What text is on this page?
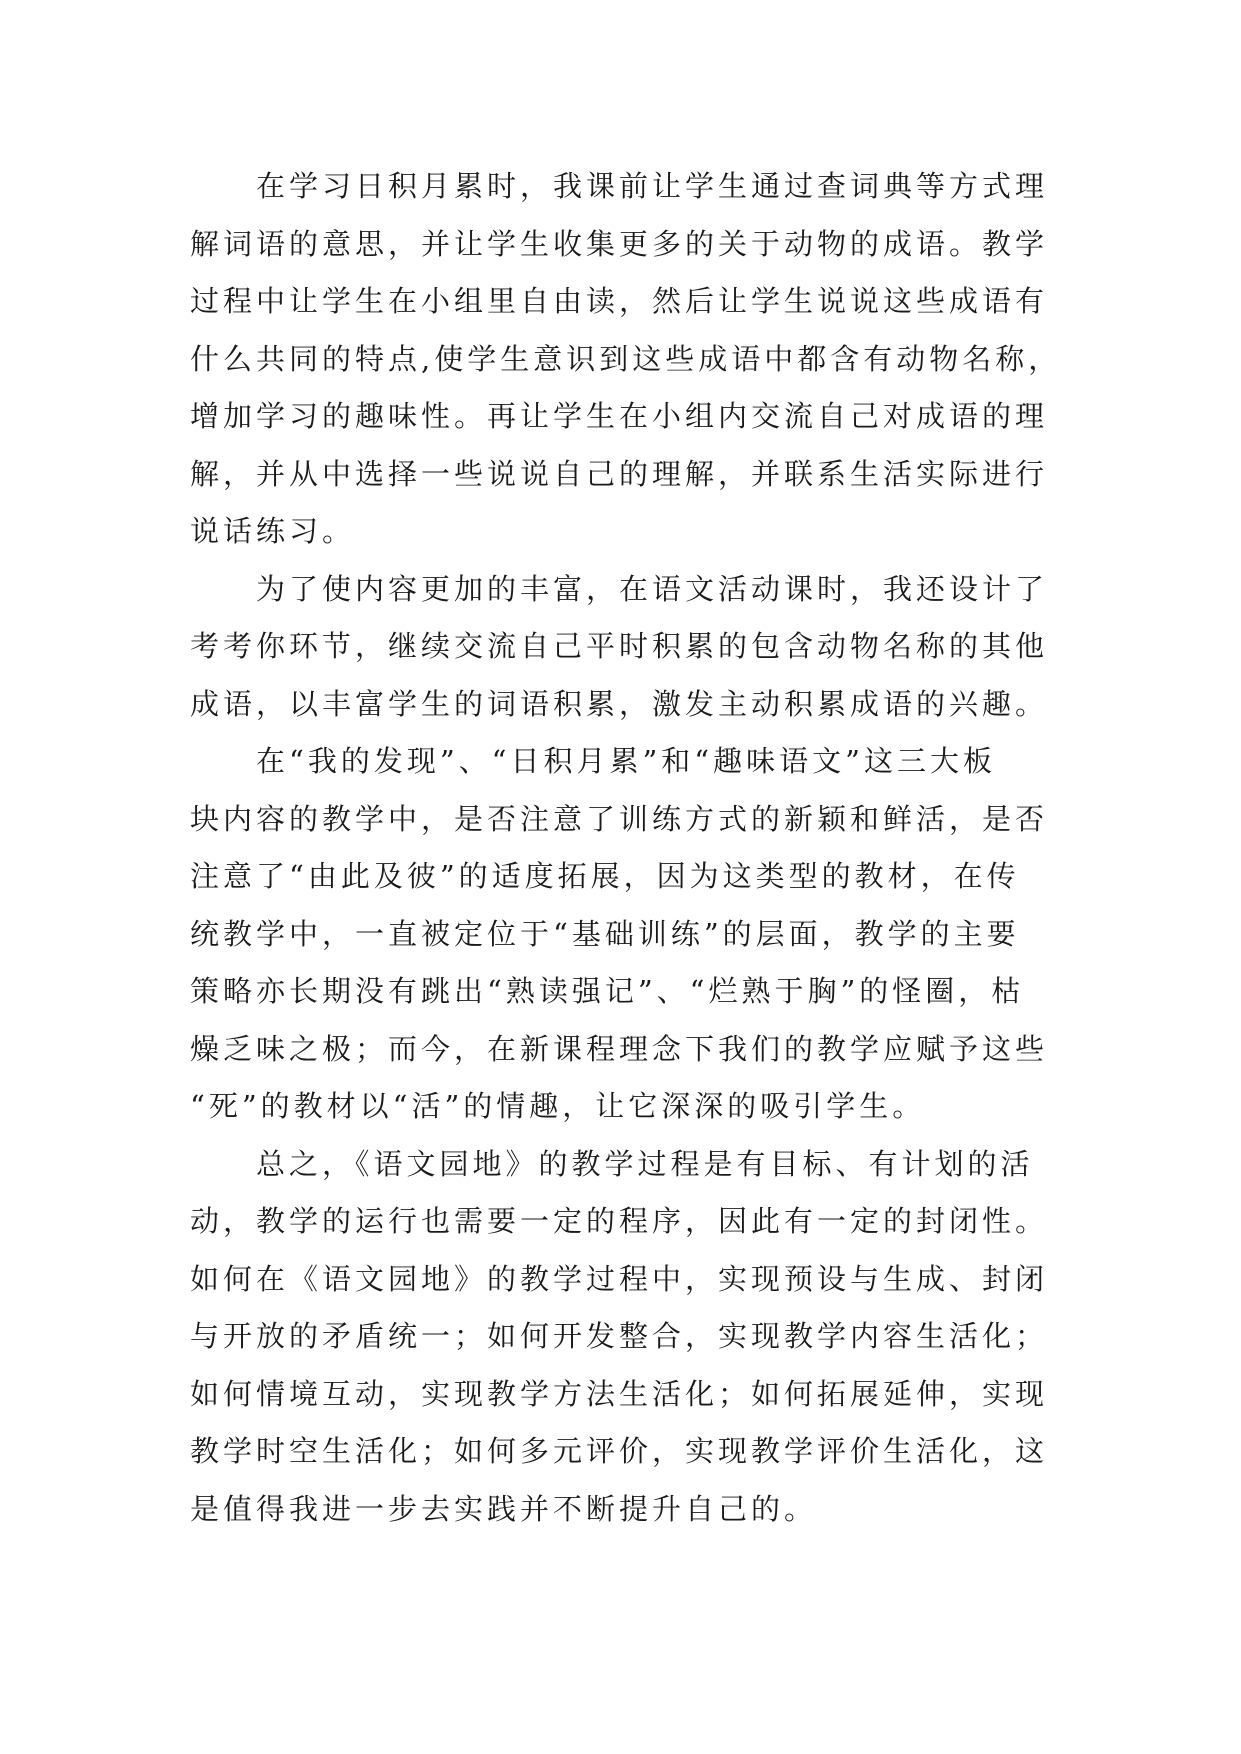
在学习日积月累时，我课前让学生通过查词典等方式理
解词语的意思，并让学生收集更多的关于动物的成语。教学
过程中让学生在小组里自由读，然后让学生说说这些成语有
什么共同的特点,使学生意识到这些成语中都含有动物名称，
增加学习的趣味性。再让学生在小组内交流自己对成语的理
解，并从中选择一些说说自己的理解，并联系生活实际进行
说话练习。

为了使内容更加的丰富，在语文活动课时，我还设计了
考考你环节，继续交流自己平时积累的包含动物名称的其他
成语，以丰富学生的词语积累，激发主动积累成语的兴趣。

在“我的发现”、“日积月累”和“趣味语文”这三大板
块内容的教学中，是否注意了训练方式的新颖和鲜活，是否
注意了“由此及彼”的适度拓展，因为这类型的教材，在传
统教学中，一直被定位于“基础训练”的层面，教学的主要
策略亦长期没有跳出“熟读强记”、“烂熟于胸”的怪圈，枯
燥乏味之极；而今，在新课程理念下我们的教学应赋予这些
“死”的教材以“活”的情趣，让它深深的吸引学生。

总之，《语文园地》的教学过程是有目标、有计划的活
动，教学的运行也需要一定的程序，因此有一定的封闭性。
如何在《语文园地》的教学过程中，实现预设与生成、封闭
与开放的矛盾统一；如何开发整合，实现教学内容生活化；
如何情境互动，实现教学方法生活化；如何拓展延伸，实现
教学时空生活化；如何多元评价，实现教学评价生活化，这
是值得我进一步去实践并不断提升自己的。
